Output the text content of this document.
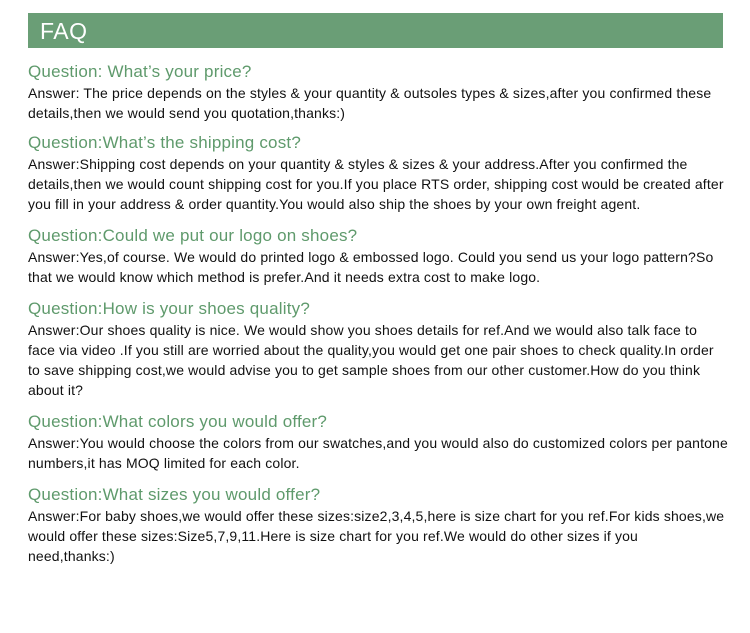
FAQ

Question: What’s your price?

Answer: The price depends on the styles & your quantity & outsoles types & sizes,after you confirmed these details,then we would send you quotation,thanks:)

Question:What’s the shipping cost?

Answer:Shipping cost depends on your quantity & styles & sizes & your address.After you confirmed the details,then we would count shipping cost for you.If you place RTS order, shipping cost would be created after you fill in your address & order quantity.You would also ship the shoes by your own freight agent.

Question:Could we put our logo on shoes?

Answer:Yes,of course. We would do printed logo & embossed logo. Could you send us your logo pattern?So that we would know which method is prefer.And it needs extra cost to make logo.

Question:How is your shoes quality?

Answer:Our shoes quality is nice. We would show you shoes details for ref.And we would also talk face to face via video .If you still are worried about the quality,you would get one pair shoes to check quality.In order to save shipping cost,we would advise you to get sample shoes from our other customer.How do you think about it?

Question:What colors you would offer?

Answer:You would choose the colors from our swatches,and you would also do customized colors per pantone numbers,it has MOQ limited for each color.

Question:What sizes you would offer?

Answer:For baby shoes,we would offer these sizes:size2,3,4,5,here is size chart for you ref.For kids shoes,we would offer these sizes:Size5,7,9,11.Here is size chart for you ref.We would do other sizes if you need,thanks:)
